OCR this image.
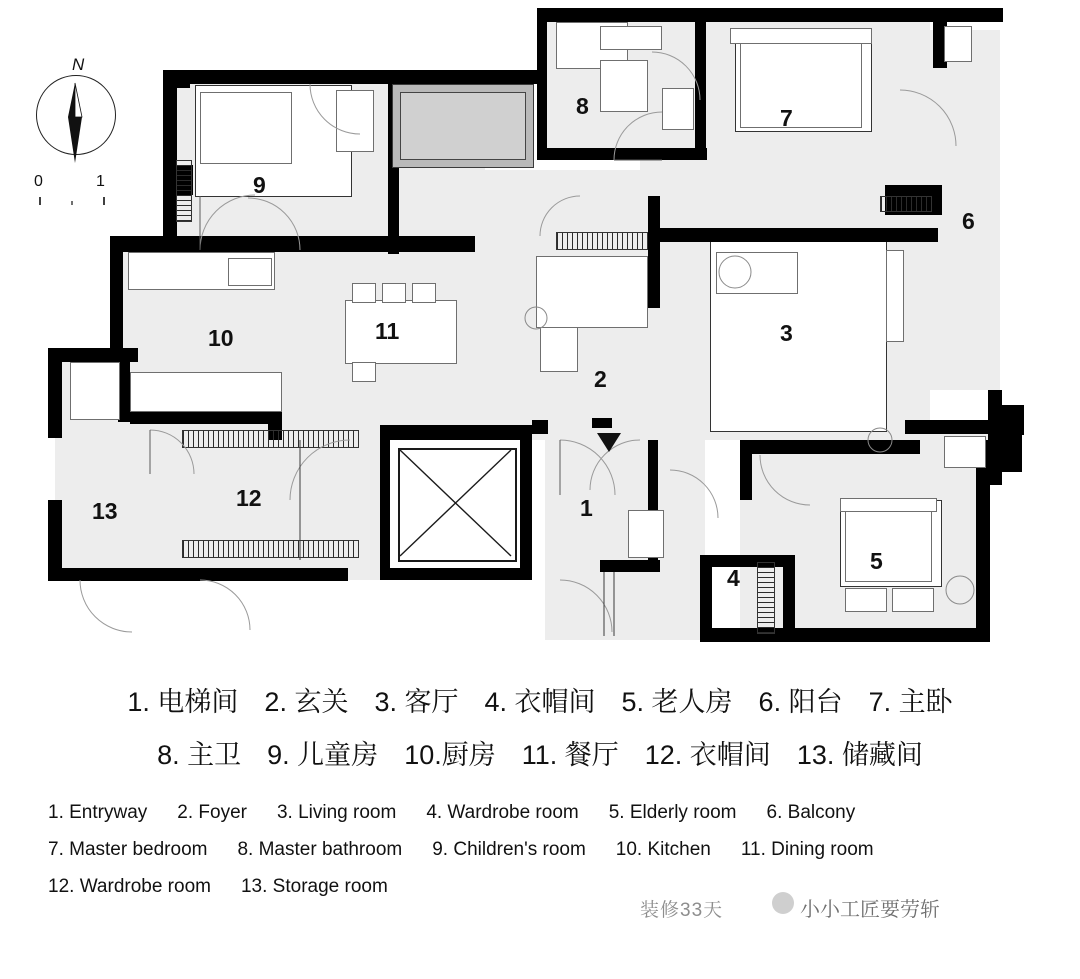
1
2
3
4
5
6
7
8
9
10	11
12
13
N
0	1
1. 电梯间 2. 玄关 3. 客厅 4. 衣帽间 5. 老人房 6. 阳台 7. 主卧
8. 主卫 9. 儿童房 10.厨房 11. 餐厅 12. 衣帽间 13. 储藏间
1. Entryway 2. Foyer 3. Living room 4. Wardrobe room 5. Elderly room 6. Balcony
7. Master bedroom 8. Master bathroom 9. Children's room 10. Kitchen 11. Dining room
12. Wardrobe room 13. Storage room
装修33天	小小工匠要劳斩
